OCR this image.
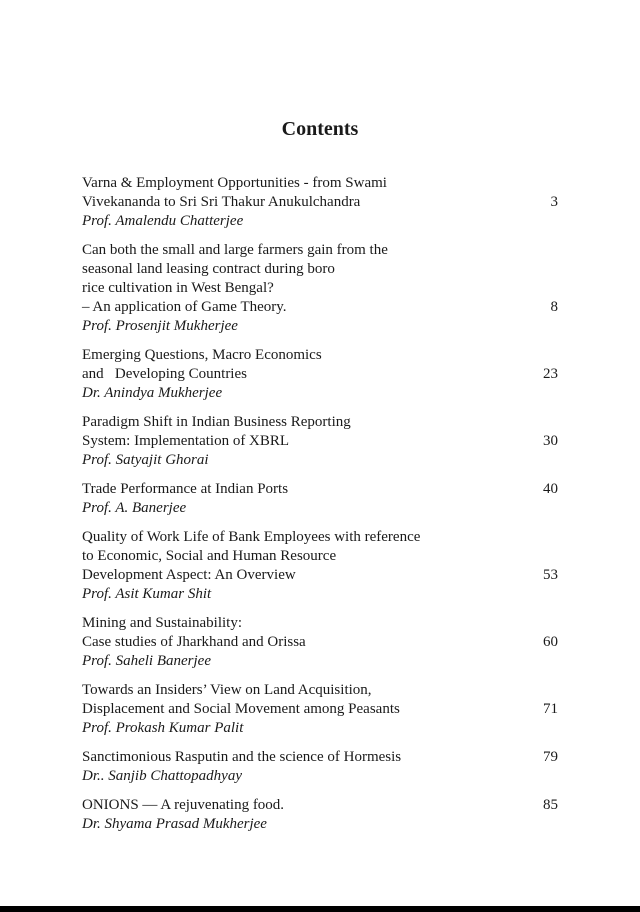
Contents
Varna & Employment Opportunities - from Swami
Vivekananda to Sri Sri Thakur Anukulchandra
Prof. Amalendu Chatterjee
3
Can both the small and large farmers gain from the
seasonal land leasing contract during boro
rice cultivation in West Bengal?
– An application of Game Theory.
Prof. Prosenjit Mukherjee
8
Emerging Questions, Macro Economics
and   Developing Countries
Dr. Anindya Mukherjee
23
Paradigm Shift in Indian Business Reporting
System: Implementation of XBRL
Prof. Satyajit Ghorai
30
Trade Performance at Indian Ports
Prof. A. Banerjee
40
Quality of Work Life of Bank Employees with reference
to Economic, Social and Human Resource
Development Aspect: An Overview
Prof. Asit Kumar Shit
53
Mining and Sustainability:
Case studies of Jharkhand and Orissa
Prof. Saheli Banerjee
60
Towards an Insiders’ View on Land Acquisition,
Displacement and Social Movement among Peasants
Prof. Prokash Kumar Palit
71
Sanctimonious Rasputin and the science of Hormesis
Dr.. Sanjib Chattopadhyay
79
ONIONS — A rejuvenating food.
Dr. Shyama Prasad Mukherjee
85
